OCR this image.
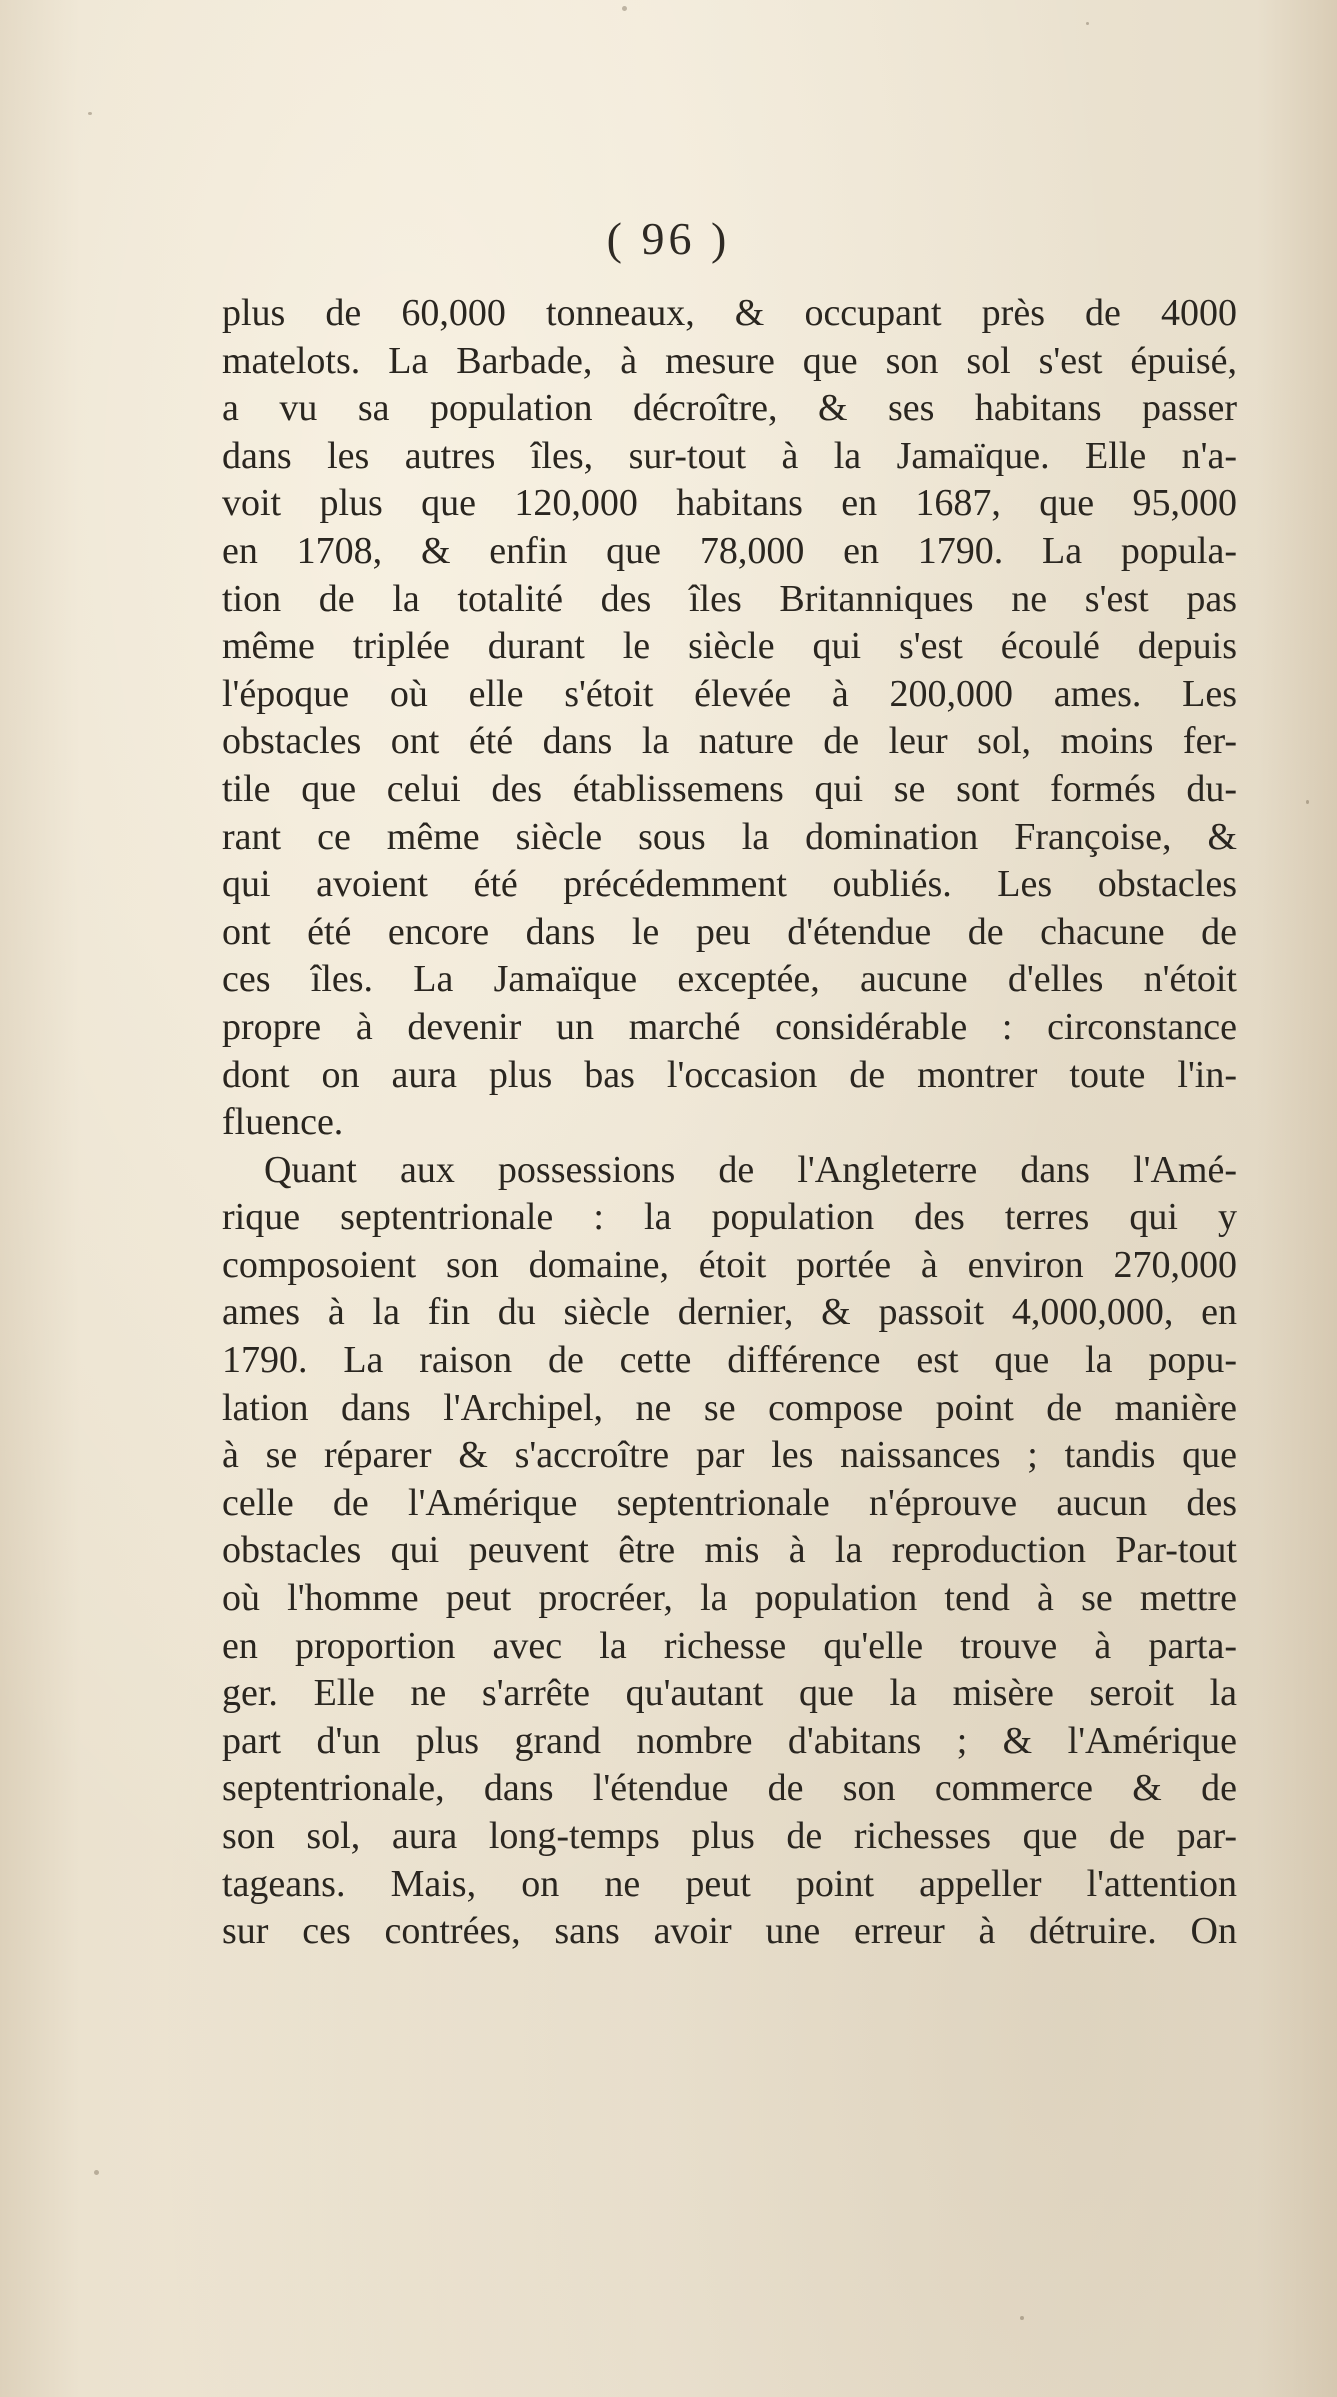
( 96 )
plus de 60,000 tonneaux, & occupant près de 4000
matelots. La Barbade, à mesure que son sol s'est épuisé,
a vu sa population décroître, & ses habitans passer
dans les autres îles, sur-tout à la Jamaïque. Elle n'a-
voit plus que 120,000 habitans en 1687, que 95,000
en 1708, & enfin que 78,000 en 1790. La popula-
tion de la totalité des îles Britanniques ne s'est pas
même triplée durant le siècle qui s'est écoulé depuis
l'époque où elle s'étoit élevée à 200,000 ames. Les
obstacles ont été dans la nature de leur sol, moins fer-
tile que celui des établissemens qui se sont formés du-
rant ce même siècle sous la domination Françoise, &
qui avoient été précédemment oubliés. Les obstacles
ont été encore dans le peu d'étendue de chacune de
ces îles. La Jamaïque exceptée, aucune d'elles n'étoit
propre à devenir un marché considérable : circonstance
dont on aura plus bas l'occasion de montrer toute l'in-
fluence.
Quant aux possessions de l'Angleterre dans l'Amé-
rique septentrionale : la population des terres qui y
composoient son domaine, étoit portée à environ 270,000
ames à la fin du siècle dernier, & passoit 4,000,000, en
1790. La raison de cette différence est que la popu-
lation dans l'Archipel, ne se compose point de manière
à se réparer & s'accroître par les naissances ; tandis que
celle de l'Amérique septentrionale n'éprouve aucun des
obstacles qui peuvent être mis à la reproduction Par-tout
où l'homme peut procréer, la population tend à se mettre
en proportion avec la richesse qu'elle trouve à parta-
ger. Elle ne s'arrête qu'autant que la misère seroit la
part d'un plus grand nombre d'abitans ; & l'Amérique
septentrionale, dans l'étendue de son commerce & de
son sol, aura long-temps plus de richesses que de par-
tageans. Mais, on ne peut point appeller l'attention
sur ces contrées, sans avoir une erreur à détruire. On
